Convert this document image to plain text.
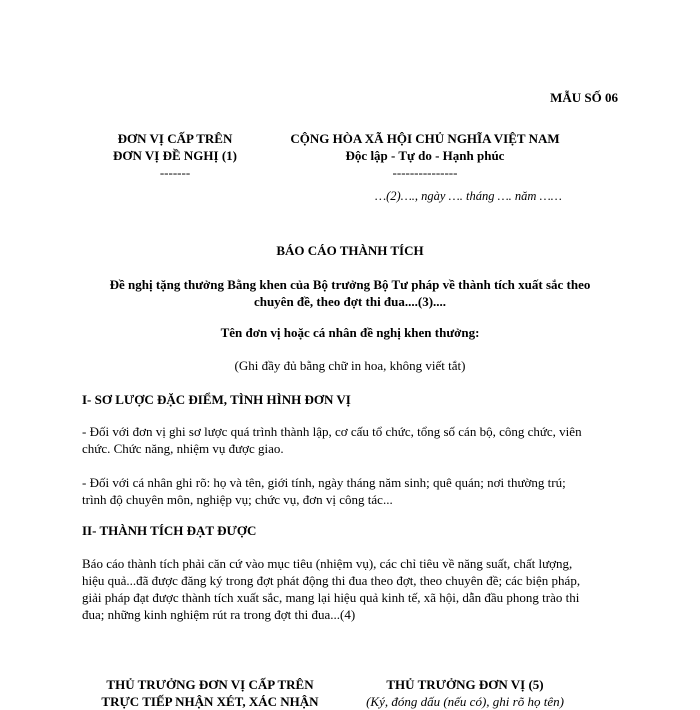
MẪU SỐ 06
ĐƠN VỊ CẤP TRÊN
ĐƠN VỊ ĐỀ NGHỊ (1)
-------
CỘNG HÒA XÃ HỘI CHỦ NGHĨA VIỆT NAM
Độc lập - Tự do - Hạnh phúc
---------------
…(2)…., ngày …. tháng …. năm ……
BÁO CÁO THÀNH TÍCH
Đề nghị tặng thưởng Bằng khen của Bộ trưởng Bộ Tư pháp về thành tích xuất sắc theo
chuyên đề, theo đợt thi đua....(3)....
Tên đơn vị hoặc cá nhân đề nghị khen thưởng:
(Ghi đầy đủ bằng chữ in hoa, không viết tắt)
I- SƠ LƯỢC ĐẶC ĐIỂM, TÌNH HÌNH ĐƠN VỊ
- Đối với đơn vị ghi sơ lược quá trình thành lập, cơ cấu tổ chức, tổng số cán bộ, công chức, viên
chức. Chức năng, nhiệm vụ được giao.
- Đối với cá nhân ghi rõ: họ và tên, giới tính, ngày tháng năm sinh; quê quán; nơi thường trú;
trình độ chuyên môn, nghiệp vụ; chức vụ, đơn vị công tác...
II- THÀNH TÍCH ĐẠT ĐƯỢC
Báo cáo thành tích phải căn cứ vào mục tiêu (nhiệm vụ), các chỉ tiêu về năng suất, chất lượng,
hiệu quả...đã được đăng ký trong đợt phát động thi đua theo đợt, theo chuyên đề; các biện pháp,
giải pháp đạt được thành tích xuất sắc, mang lại hiệu quả kinh tế, xã hội, dẫn đầu phong trào thi
đua; những kinh nghiệm rút ra trong đợt thi đua...(4)
THỦ TRƯỞNG ĐƠN VỊ CẤP TRÊN
TRỰC TIẾP NHẬN XÉT, XÁC NHẬN
THỦ TRƯỞNG ĐƠN VỊ (5)
(Ký, đóng dấu (nếu có), ghi rõ họ tên)
